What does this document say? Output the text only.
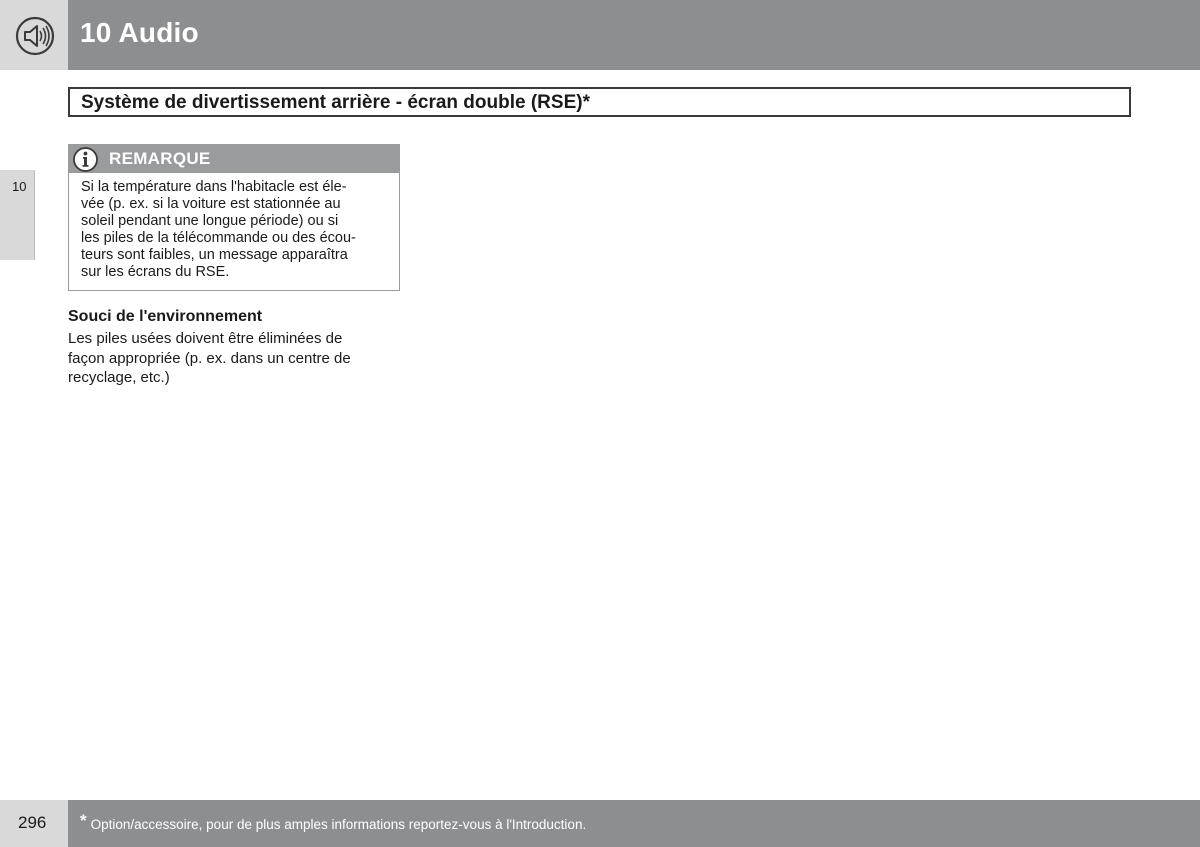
10 Audio
Système de divertissement arrière - écran double (RSE)*
10
REMARQUE
Si la température dans l'habitacle est éle-
vée (p. ex. si la voiture est stationnée au
soleil pendant une longue période) ou si
les piles de la télécommande ou des écou-
teurs sont faibles, un message apparaîtra
sur les écrans du RSE.
Souci de l'environnement
Les piles usées doivent être éliminées de
façon appropriée (p. ex. dans un centre de
recyclage, etc.)
296 * Option/accessoire, pour de plus amples informations reportez-vous à l'Introduction.
